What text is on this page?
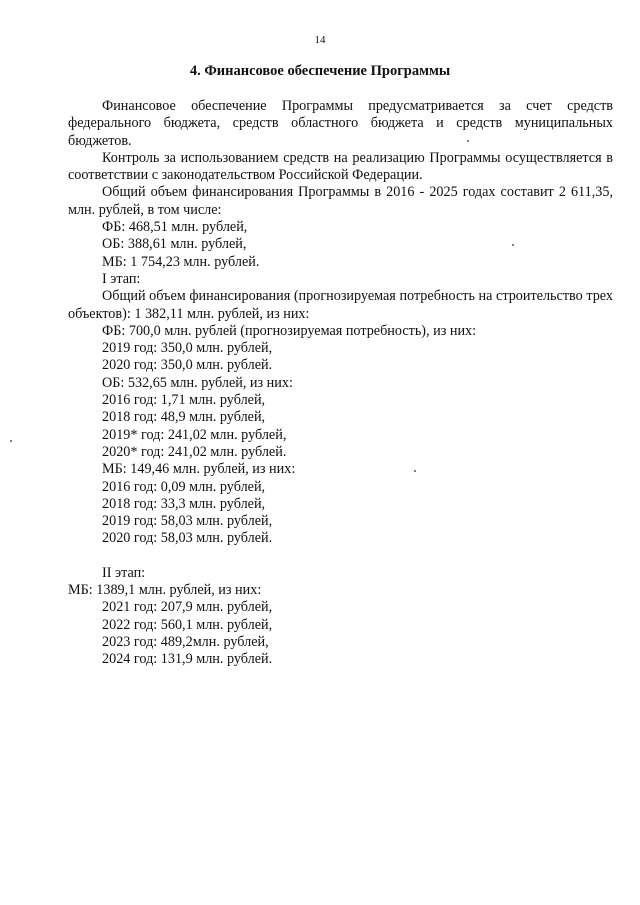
14
4. Финансовое обеспечение Программы

Финансовое обеспечение Программы предусматривается за счет средств федерального бюджета, средств областного бюджета и средств муниципальных бюджетов.

Контроль за использованием средств на реализацию Программы осуществляется в соответствии с законодательством Российской Федерации.

Общий объем финансирования Программы в 2016 - 2025 годах составит 2 611,35, млн. рублей, в том числе:

ФБ: 468,51 млн. рублей,

ОБ: 388,61 млн. рублей,

МБ: 1 754,23 млн. рублей.

I этап:

Общий объем финансирования (прогнозируемая потребность на строительство трех объектов): 1 382,11 млн. рублей, из них:

ФБ: 700,0 млн. рублей (прогнозируемая потребность), из них:

2019 год: 350,0 млн. рублей,

2020 год: 350,0 млн. рублей.

ОБ: 532,65 млн. рублей, из них:

2016 год: 1,71 млн. рублей,

2018 год: 48,9 млн. рублей,

2019* год: 241,02 млн. рублей,

2020* год: 241,02 млн. рублей.

МБ: 149,46 млн. рублей, из них:

2016 год: 0,09 млн. рублей,

2018 год: 33,3 млн. рублей,

2019 год: 58,03 млн. рублей,

2020 год: 58,03 млн. рублей.

II этап:

МБ: 1389,1 млн. рублей, из них:

2021 год: 207,9 млн. рублей,

2022 год: 560,1 млн. рублей,

2023 год: 489,2млн. рублей,

2024 год: 131,9 млн. рублей.
